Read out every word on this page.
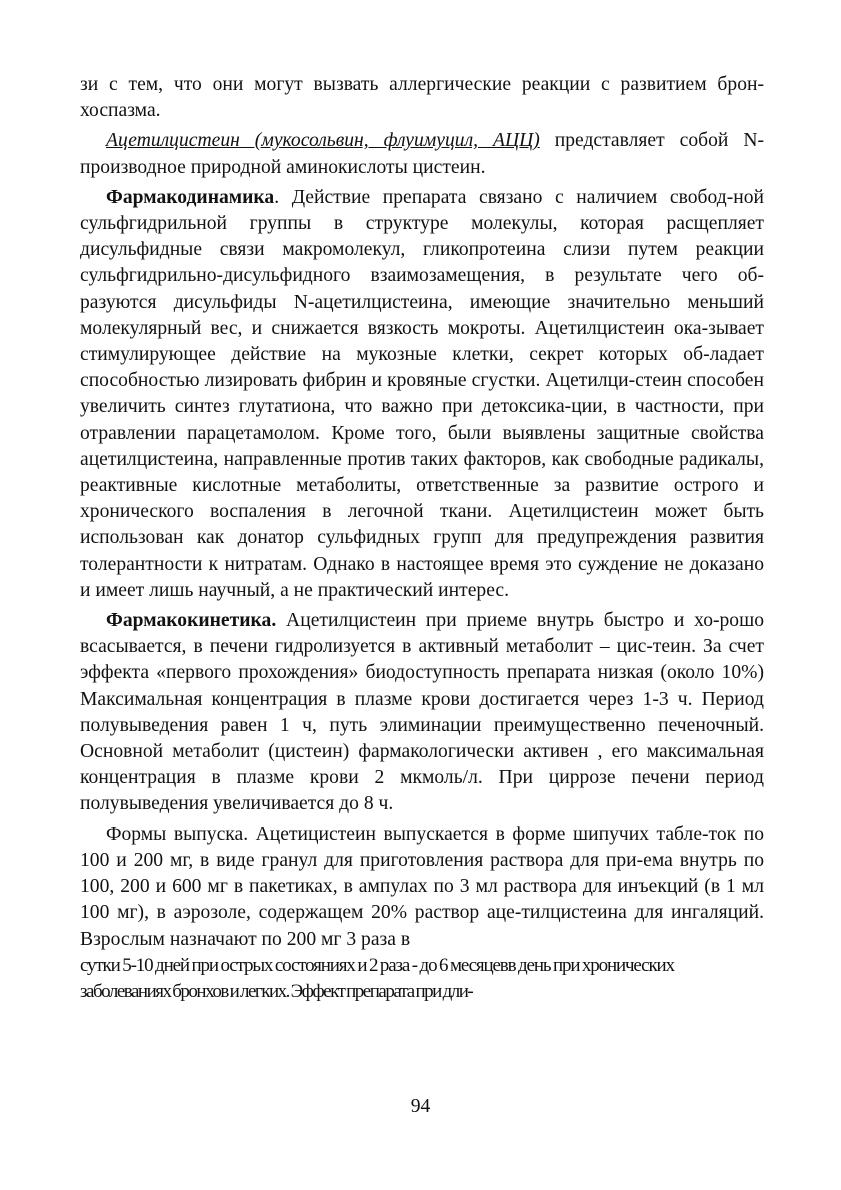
зи с тем, что они могут вызвать аллергические реакции с развитием брон-хоспазма.

Ацетилцистеин (мукосольвин, флуимуцил, АЦЦ) представляет собой N-производное природной аминокислоты цистеин.

Фармакодинамика. Действие препарата связано с наличием свобод-ной сульфгидрильной группы в структуре молекулы, которая расщепляет дисульфидные связи макромолекул, гликопротеина слизи путем реакции сульфгидрильно-дисульфидного взаимозамещения, в результате чего об-разуются дисульфиды N-ацетилцистеина, имеющие значительно меньший молекулярный вес, и снижается вязкость мокроты. Ацетилцистеин ока-зывает стимулирующее действие на мукозные клетки, секрет которых об-ладает способностью лизировать фибрин и кровяные сгустки. Ацетилци-стеин способен увеличить синтез глутатиона, что важно при детоксика-ции, в частности, при отравлении парацетамолом. Кроме того, были выявлены защитные свойства ацетилцистеина, направленные против таких факторов, как свободные радикалы, реактивные кислотные метаболиты, ответственные за развитие острого и хронического воспаления в легочной ткани. Ацетилцистеин может быть использован как донатор сульфидных групп для предупреждения развития толерантности к нитратам. Однако в настоящее время это суждение не доказано и имеет лишь научный, а не практический интерес.

Фармакокинетика. Ацетилцистеин при приеме внутрь быстро и хо-рошо всасывается, в печени гидролизуется в активный метаболит – цис-теин. За счет эффекта «первого прохождения» биодоступность препарата низкая (около 10%) Максимальная концентрация в плазме крови достигается через 1-3 ч. Период полувыведения равен 1 ч, путь элиминации преимущественно печеночный. Основной метаболит (цистеин) фармакологически активен , его максимальная концентрация в плазме крови 2 мкмоль/л. При циррозе печени период полувыведения увеличивается до 8 ч.

Формы выпуска. Ацетицистеин выпускается в форме шипучих табле-ток по 100 и 200 мг, в виде гранул для приготовления раствора для при-ема внутрь по 100, 200 и 600 мг в пакетиках, в ампулах по 3 мл раствора для инъекций (в 1 мл 100 мг), в аэрозоле, содержащем 20% раствор аце-тилцистеина для ингаляций. Взрослым назначают по 200 мг 3 раза в
сутки 5-10 дней при острых состояниях и 2 раза - до 6 месяцевв день при хронических
заболеваниях бронхов и легких. Эффект препарата при дли-

94
